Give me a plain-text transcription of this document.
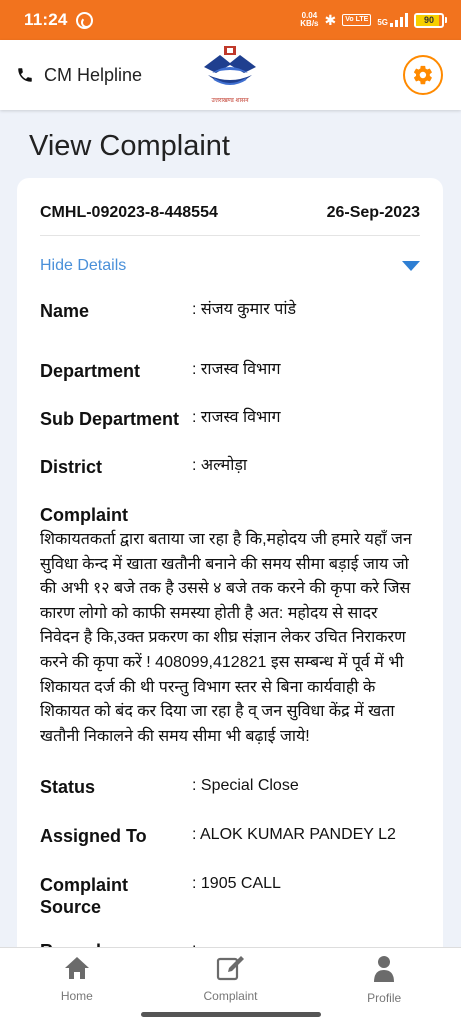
11:24	0.04
KB/s ✱	Vo LTE	5G	90
CM Helpline
उत्तराखण्ड शासन
View Complaint
CMHL-092023-8-448554	26-Sep-2023
Hide Details
Name	: संजय कुमार पांडे
Department	: राजस्व विभाग
Sub Department : राजस्व विभाग
District	: अल्मोड़ा
Complaint
शिकायतकर्ता द्वारा बताया जा रहा है कि,महोदय जी हमारे यहाँ जन सुविधा केन्द में खाता खतौनी बनाने की समय सीमा बड़ाई जाय जो की अभी १२ बजे तक है उससे ४ बजे तक करने की कृपा करे जिस कारण लोगो को काफी समस्या होती है अत: महोदय से सादर निवेदन है कि,उक्त प्रकरण का शीघ्र संज्ञान लेकर उचित निराकरण करने की कृपा करें ! 408099,412821 इस सम्बन्ध में पूर्व में भी शिकायत दर्ज की थी परन्तु विभाग स्तर से बिना कार्यवाही के शिकायत को बंद कर दिया जा रहा है व् जन सुविधा केंद्र में खता खतौनी निकालने की समय सीमा भी बढ़ाई जाये!
Status	: Special Close
Assigned To	: ALOK KUMAR PANDEY L2
Complaint Source
: 1905 CALL
Home	Complaint	Profile
